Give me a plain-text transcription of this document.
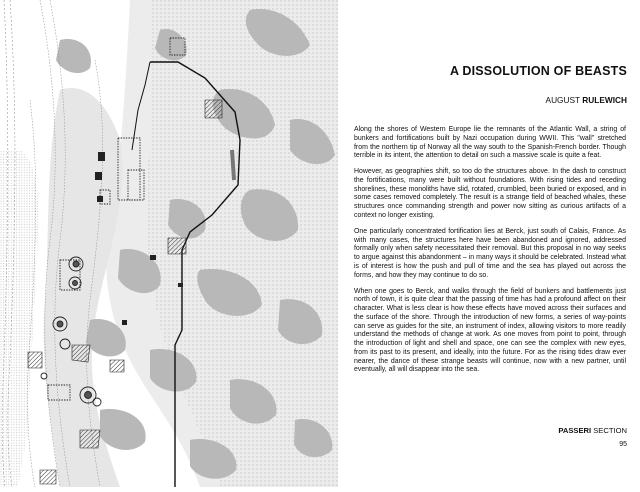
A DISSOLUTION OF BEASTS
AUGUST RULEWICH

Along the shores of Western Europe lie the remnants of the Atlantic Wall, a string of bunkers and fortifications built by Nazi occupation during WWII. This "wall" stretched from the northern tip of Norway all the way south to the Spanish-French border. Though terrible in its intent, the attention to detail on such a massive scale is quite a feat.

However, as geographies shift, so too do the structures above. In the dash to construct the fortifications, many were built without foundations. With rising tides and receding shorelines, these monoliths have slid, rotated, crumbled, been buried or exposed, and in some cases removed completely. The result is a strange field of beached whales, these structures once commanding strength and power now sitting as curious artifacts of a context no longer existing.

One particularly concentrated fortification lies at Berck, just south of Calais, France. As with many cases, the structures here have been abandoned and ignored, addressed formally only when safety necessitated their removal. But this proposal in no way seeks to argue against this abandonment – in many ways it should be celebrated. Instead what is of interest is how the push and pull of time and the sea has played out across the forms, and how they may continue to do so.

When one goes to Berck, and walks through the field of bunkers and battlements just north of town, it is quite clear that the passing of time has had a profound affect on their character. What is less clear is how these effects have moved across their surfaces and the surface of the shore. Through the introduction of new forms, a series of way-points can serve as guides for the site, an instrument of index, allowing visitors to more readily understand the methods of change at work. As one moves from point to point, through the introduction of light and shell and space, one can see the complex with new eyes, from its past to its present, and ideally, into the future. For as the rising tides draw ever nearer, the dance of these strange beasts will continue, now with a new partner, until eventually, all will disappear into the sea.

PASSERI SECTION
95
